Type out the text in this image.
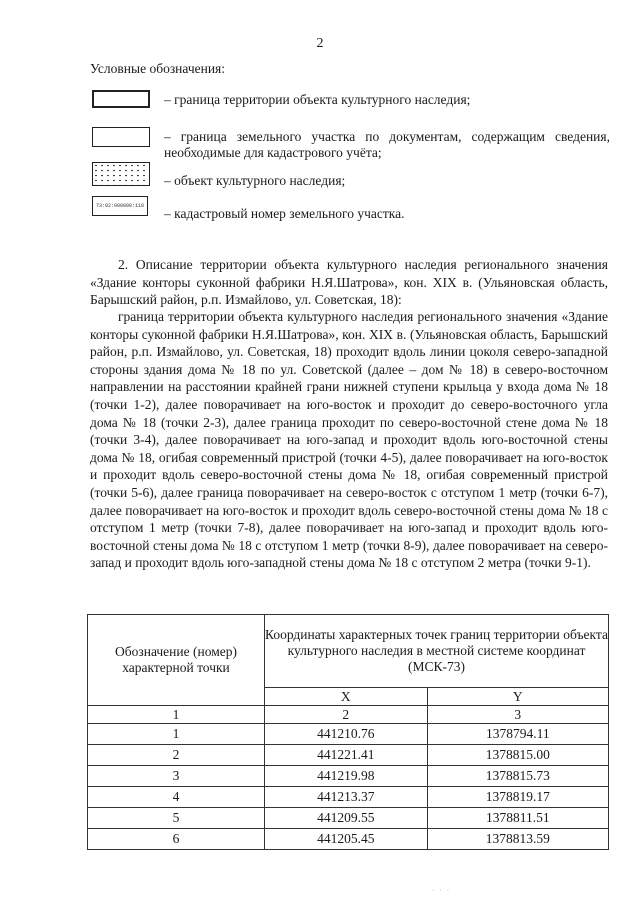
2
Условные обозначения:
– граница территории объекта культурного наследия;
– граница земельного участка по документам, содержащим сведения, необходимые для кадастрового учёта;
– объект культурного наследия;
73:02:000000:118 – кадастровый номер земельного участка.
2. Описание территории объекта культурного наследия регионального значения «Здание конторы суконной фабрики Н.Я.Шатрова», кон. XIX в. (Ульяновская область, Барышский район, р.п. Измайлово, ул. Советская, 18):
граница территории объекта культурного наследия регионального значения «Здание конторы суконной фабрики Н.Я.Шатрова», кон. XIX в. (Ульяновская область, Барышский район, р.п. Измайлово, ул. Советская, 18) проходит вдоль линии цоколя северо-западной стороны здания дома № 18 по ул. Советской (далее – дом № 18) в северо-восточном направлении на расстоянии крайней грани нижней ступени крыльца у входа дома № 18 (точки 1-2), далее поворачивает на юго-восток и проходит до северо-восточного угла дома № 18 (точки 2-3), далее граница проходит по северо-восточной стене дома № 18 (точки 3-4), далее поворачивает на юго-запад и проходит вдоль юго-восточной стены дома № 18, огибая современный пристрой (точки 4-5), далее поворачивает на юго-восток и проходит вдоль северо-восточной стены дома № 18, огибая современный пристрой (точки 5-6), далее граница поворачивает на северо-восток с отступом 1 метр (точки 6-7), далее поворачивает на юго-восток и проходит вдоль северо-восточной стены дома № 18 с отступом 1 метр (точки 7-8), далее поворачивает на юго-запад и проходит вдоль юго-восточной стены дома № 18 с отступом 1 метр (точки 8-9), далее поворачивает на северо-запад и проходит вдоль юго-западной стены дома № 18 с отступом 2 метра (точки 9-1).
Обозначение (номер) характерной точки	Координаты характерных точек границ территории объекта культурного наследия в местной системе координат (МСК-73)	
	X	Y
1	2	3
1	441210.76	1378794.11
2	441221.41	1378815.00
3	441219.98	1378815.73
4	441213.37	1378819.17
5	441209.55	1378811.51
6	441205.45	1378813.59
· · ·
